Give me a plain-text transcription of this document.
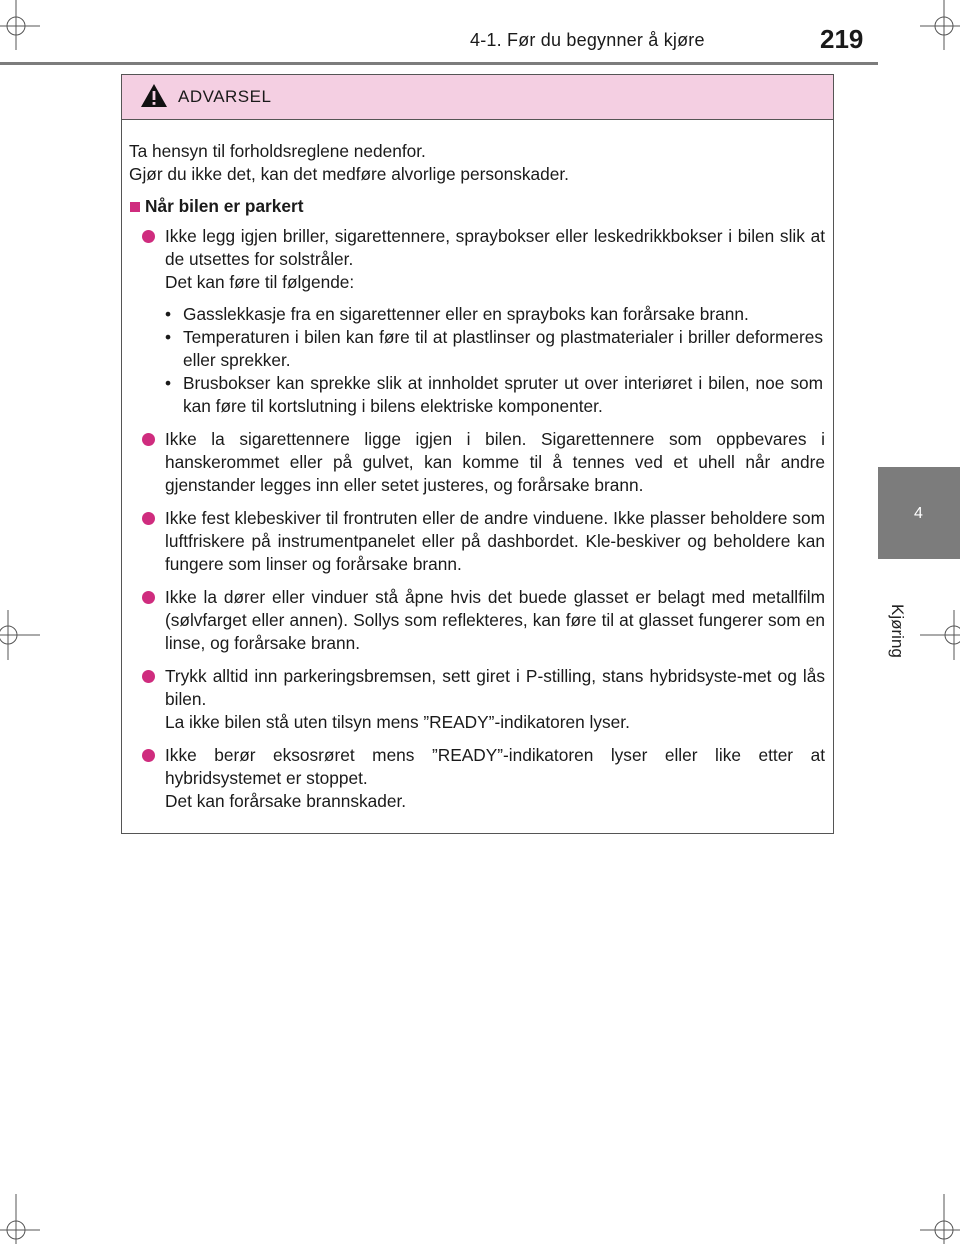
4-1. Før du begynner å kjøre	219
4
Kjøring
ADVARSEL

Ta hensyn til forholdsreglene nedenfor.

Gjør du ikke det, kan det medføre alvorlige personskader.

Når bilen er parkert

Ikke legg igjen briller, sigarettennere, spraybokser eller leskedrikkbokser i bilen slik at de utsettes for solstråler.

Det kan føre til følgende:

• Gasslekkasje fra en sigarettenner eller en sprayboks kan forårsake brann.
• Temperaturen i bilen kan føre til at plastlinser og plastmaterialer i briller deformeres eller sprekker.
• Brusbokser kan sprekke slik at innholdet spruter ut over interiøret i bilen, noe som kan føre til kortslutning i bilens elektriske komponenter.

Ikke la sigarettennere ligge igjen i bilen. Sigarettennere som oppbevares i hanskerommet eller på gulvet, kan komme til å tennes ved et uhell når andre gjenstander legges inn eller setet justeres, og forårsake brann.

Ikke fest klebeskiver til frontruten eller de andre vinduene. Ikke plasser beholdere som luftfriskere på instrumentpanelet eller på dashbordet. Kle-beskiver og beholdere kan fungere som linser og forårsake brann.

Ikke la dører eller vinduer stå åpne hvis det buede glasset er belagt med metallfilm (sølvfarget eller annen). Sollys som reflekteres, kan føre til at glasset fungerer som en linse, og forårsake brann.

Trykk alltid inn parkeringsbremsen, sett giret i P-stilling, stans hybridsyste-met og lås bilen.

La ikke bilen stå uten tilsyn mens ”READY”-indikatoren lyser.

Ikke berør eksosrøret mens ”READY”-indikatoren lyser eller like etter at hybridsystemet er stoppet.

Det kan forårsake brannskader.
